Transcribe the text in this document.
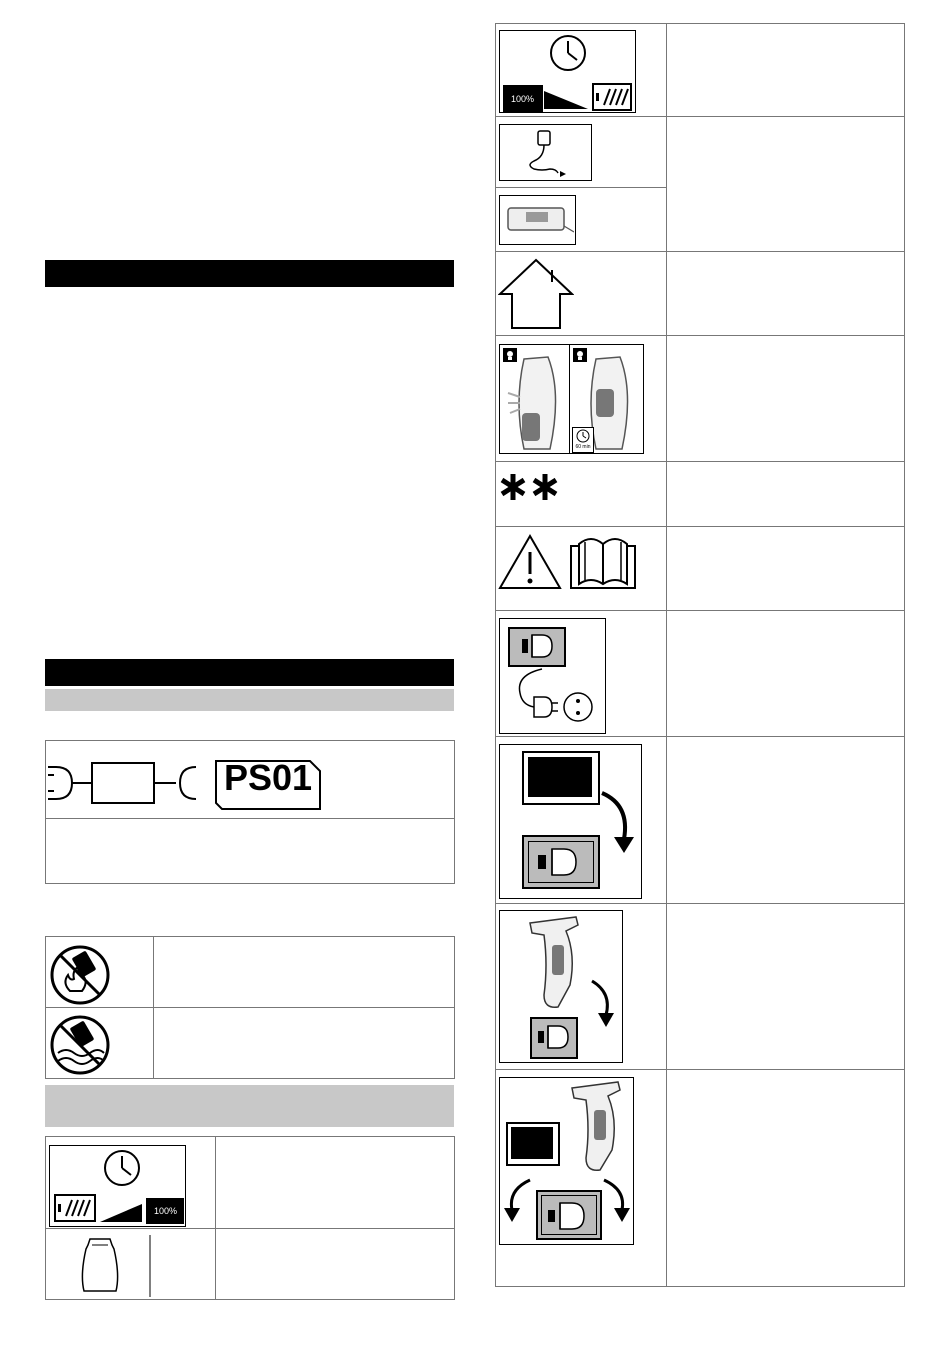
PS01
100%
100%
60 min
